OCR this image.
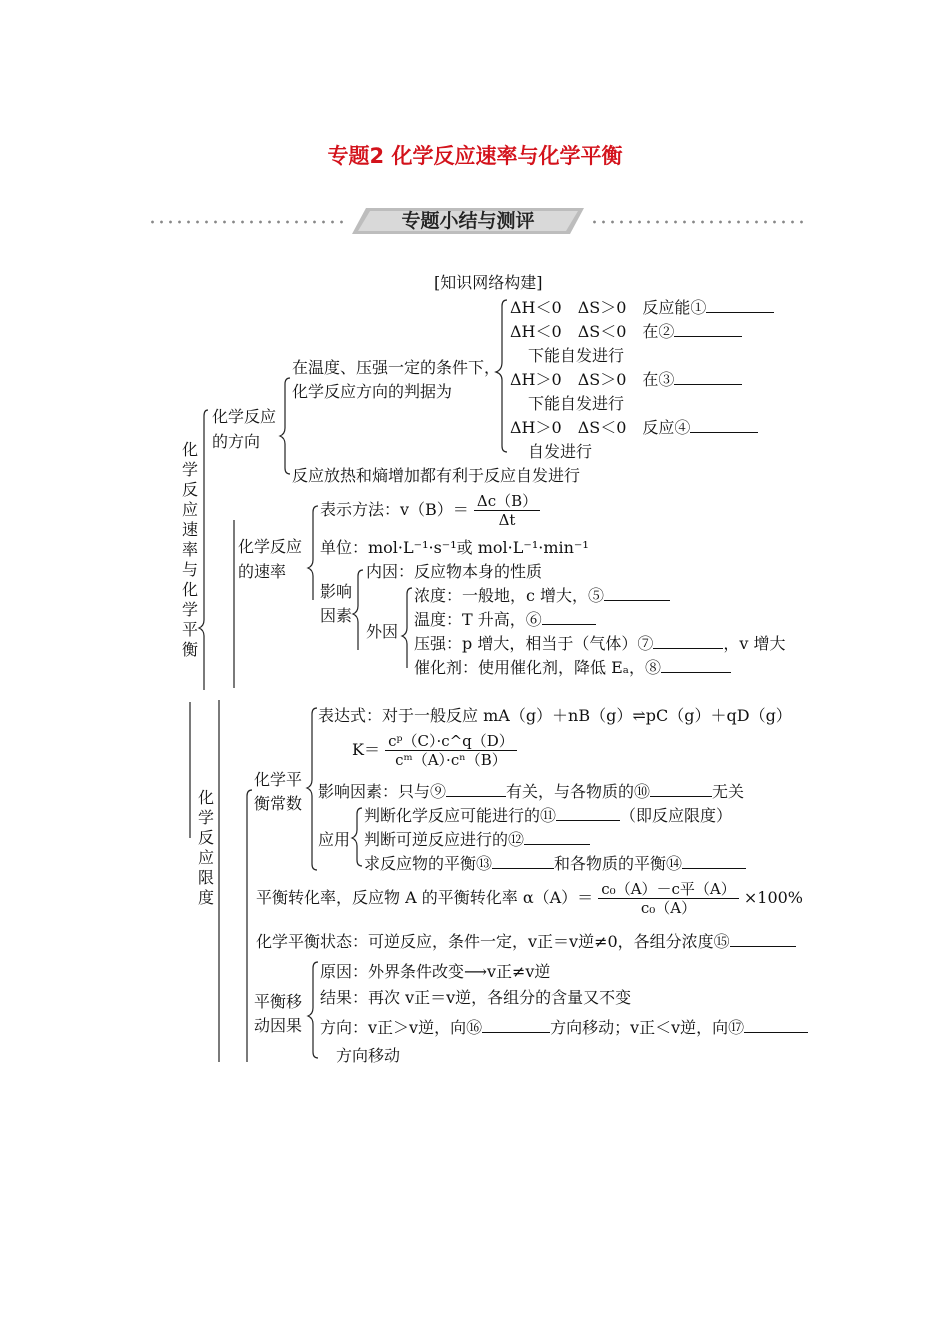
专题2 化学反应速率与化学平衡
专题小结与测评
[知识网络构建]
化学反应速率与化学平衡
化学反应限度
化学反应的方向
在温度、压强一定的条件下，
化学反应方向的判据为
ΔH＜0　ΔS＞0　反应能①
ΔH＜0　ΔS＜0　在②
下能自发进行
ΔH＞0　ΔS＞0　在③
下能自发进行
ΔH＞0　ΔS＜0　反应④
自发进行
反应放热和熵增加都有利于反应自发进行
化学反应的速率
表示方法：$v(B)= \frac{\Delta c(B)}{\Delta t}$
单位：mol·L⁻¹·s⁻¹或 mol·L⁻¹·min⁻¹
影响因素
内因：反应物本身的性质
外因
浓度：一般地，c 增大，⑤
温度：T 升高，⑥
压强：p 增大，相当于（气体）⑦	，v 增大
催化剂：使用催化剂，降低 Eₐ，⑧
化学平衡常数
表达式：对于一般反应 mA（g）＋nB（g）⇌pC（g）＋qD（g）
$K= \frac{\text{cᵖ（C）·c\textasciicircum{}q（D）}}{\text{cᵐ（A）·cⁿ（B）}}$
影响因素：只与⑨	有关，与各物质的⑩	无关
应用
判断化学反应可能进行的⑪	（即反应限度）
判断可逆反应进行的⑫
求反应物的平衡⑬	和各物质的平衡⑭
平衡转化率，反应物 A 的平衡转化率 $\alpha(A)= \frac{\text{c₀（A）－c平（A）}}{\text{c₀（A）}} \times 100\%$
化学平衡状态：可逆反应，条件一定，v正＝v逆≠0，各组分浓度⑮
平衡移动因果
原因：外界条件改变⟶v正≠v逆
结果：再次 v正＝v逆，各组分的含量又不变
方向：v正＞v逆，向⑯	方向移动；v正＜v逆，向⑰
方向移动
